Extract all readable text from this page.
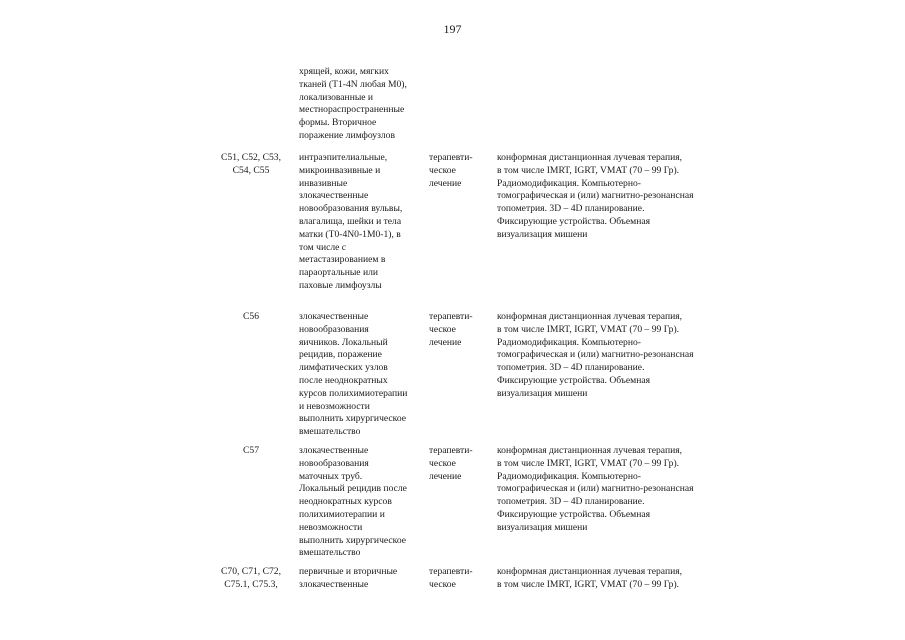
197
хрящей, кожи, мягких
тканей (T1-4N любая M0),
локализованные и
местнораспространенные
формы. Вторичное
поражение лимфоузлов
C51, C52, C53,
C54, C55
интраэпителиальные,
микроинвазивные и
инвазивные
злокачественные
новообразования вульвы,
влагалища, шейки и тела
матки (T0-4N0-1M0-1), в
том числе с
метастазированием в
параортальные или
паховые лимфоузлы
терапевти-
ческое
лечение
конформная дистанционная лучевая терапия,
в том числе IMRT, IGRT, VMAT (70 – 99 Гр).
Радиомодификация. Компьютерно-
томографическая и (или) магнитно-резонансная
топометрия. 3D – 4D планирование.
Фиксирующие устройства. Объемная
визуализация мишени
C56	злокачественные
новообразования
яичников. Локальный
рецидив, поражение
лимфатических узлов
после неоднократных
курсов полихимиотерапии
и невозможности
выполнить хирургическое
вмешательство
терапевти-
ческое
лечение
конформная дистанционная лучевая терапия,
в том числе IMRT, IGRT, VMAT (70 – 99 Гр).
Радиомодификация. Компьютерно-
томографическая и (или) магнитно-резонансная
топометрия. 3D – 4D планирование.
Фиксирующие устройства. Объемная
визуализация мишени
C57	злокачественные
новообразования
маточных труб.
Локальный рецидив после
неоднократных курсов
полихимиотерапии и
невозможности
выполнить хирургическое
вмешательство
терапевти-
ческое
лечение
конформная дистанционная лучевая терапия,
в том числе IMRT, IGRT, VMAT (70 – 99 Гр).
Радиомодификация. Компьютерно-
томографическая и (или) магнитно-резонансная
топометрия. 3D – 4D планирование.
Фиксирующие устройства. Объемная
визуализация мишени
C70, C71, C72,
C75.1, C75.3,
первичные и вторичные
злокачественные
терапевти-
ческое
конформная дистанционная лучевая терапия,
в том числе IMRT, IGRT, VMAT (70 – 99 Гр).
